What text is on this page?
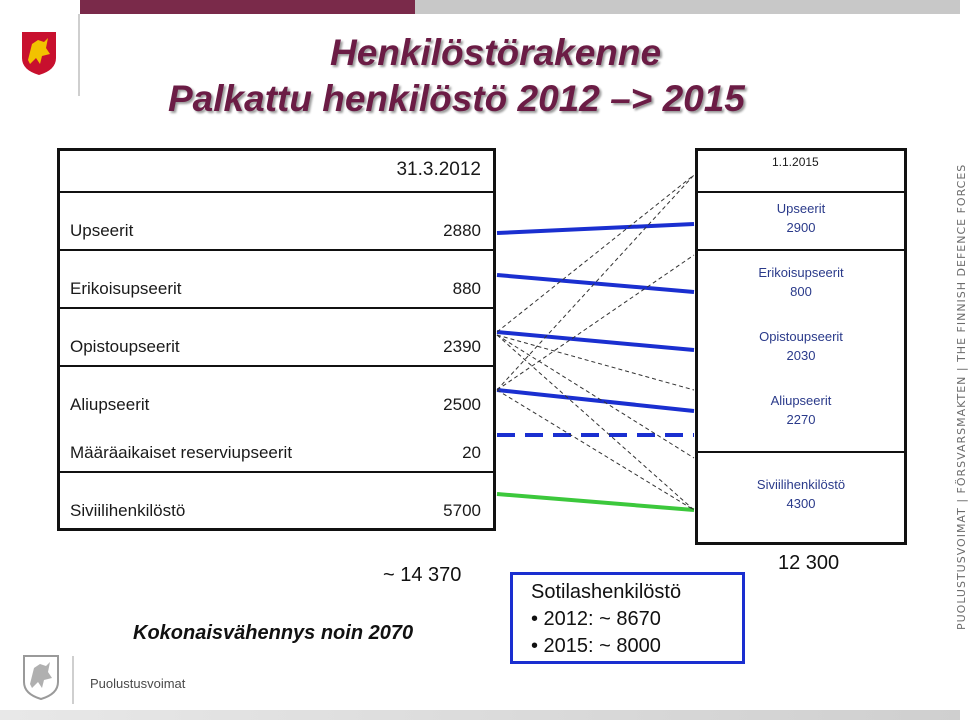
Henkilöstörakenne
Palkattu henkilöstö 2012 –> 2015
PUOLUSTUSVOIMAT | FÖRSVARSMAKTEN | THE FINNISH DEFENCE FORCES
31.3.2012
Upseerit	2880
Erikoisupseerit	880
Opistoupseerit	2390
Aliupseerit	2500
Määräaikaiset reserviupseerit	20
Siviilihenkilöstö	5700
1.1.2015
Upseerit
2900
Erikoisupseerit
800
Opistoupseerit
2030
Aliupseerit
2270
Siviilihenkilöstö
4300
~ 14 370
12 300
Kokonaisvähennys noin 2070
Sotilashenkilöstö
• 2012: ~ 8670
• 2015: ~ 8000
Puolustusvoimat
